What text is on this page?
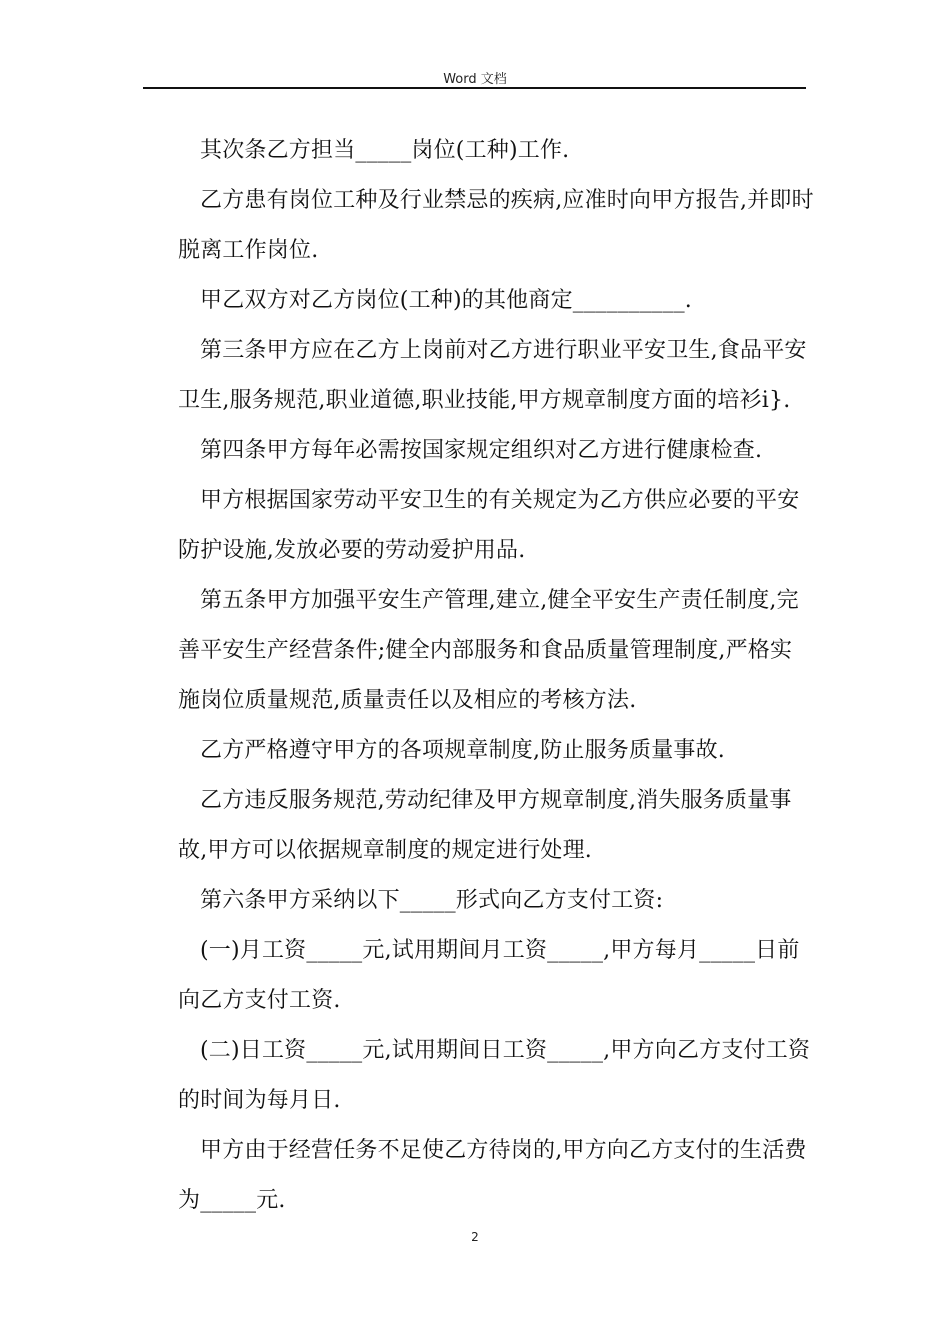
Word 文档

其次条乙方担当_____岗位(工种)工作.

乙方患有岗位工种及行业禁忌的疾病,应准时向甲方报告,并即时脱离工作岗位.

甲乙双方对乙方岗位(工种)的其他商定__________.

第三条甲方应在乙方上岗前对乙方进行职业平安卫生,食品平安卫生,服务规范,职业道德,职业技能,甲方规章制度方面的培衫i}.

第四条甲方每年必需按国家规定组织对乙方进行健康检查.

甲方根据国家劳动平安卫生的有关规定为乙方供应必要的平安防护设施,发放必要的劳动爱护用品.

第五条甲方加强平安生产管理,建立,健全平安生产责任制度,完善平安生产经营条件;健全内部服务和食品质量管理制度,严格实施岗位质量规范,质量责任以及相应的考核方法.

乙方严格遵守甲方的各项规章制度,防止服务质量事故.

乙方违反服务规范,劳动纪律及甲方规章制度,消失服务质量事故,甲方可以依据规章制度的规定进行处理.

第六条甲方采纳以下_____形式向乙方支付工资:

(一)月工资_____元,试用期间月工资_____,甲方每月_____日前向乙方支付工资.

(二)日工资_____元,试用期间日工资_____,甲方向乙方支付工资的时间为每月日.

甲方由于经营任务不足使乙方待岗的,甲方向乙方支付的生活费为_____元.

2
